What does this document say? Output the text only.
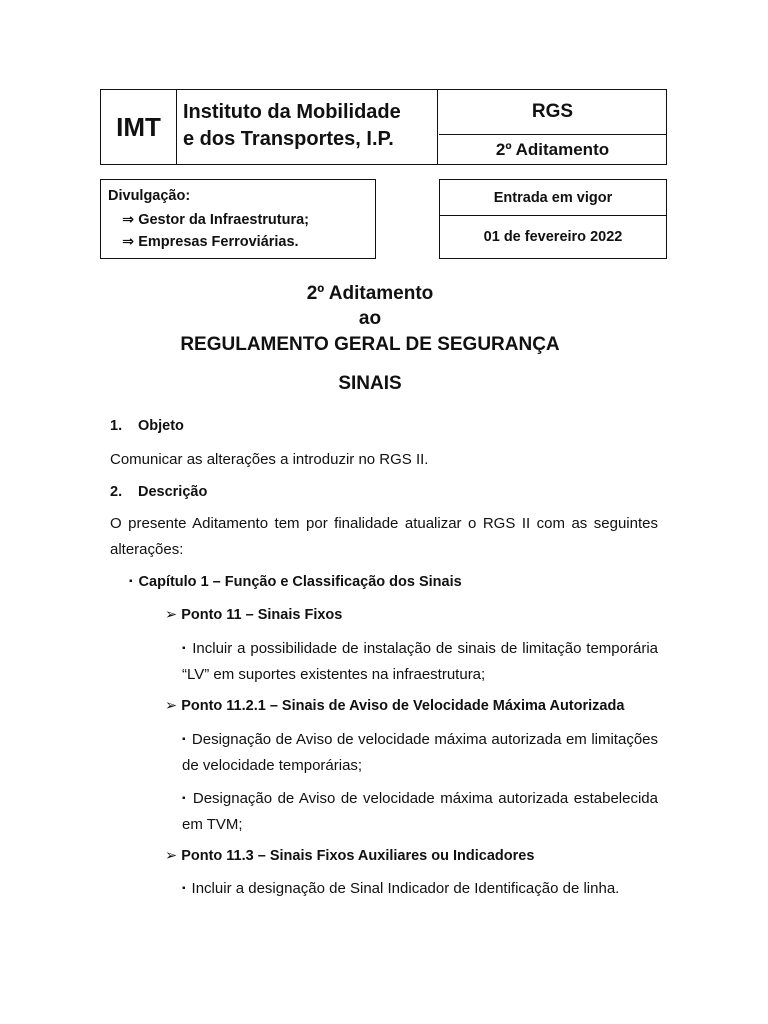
IMT	Instituto da Mobilidade
e dos Transportes, I.P.
RGS
2º Aditamento
Divulgação:
⇒ Gestor da Infraestrutura;
⇒ Empresas Ferroviárias.
Entrada em vigor
01 de fevereiro 2022
2º Aditamento
ao
REGULAMENTO GERAL DE SEGURANÇA
SINAIS
1. Objeto
Comunicar as alterações a introduzir no RGS II.
2. Descrição
O presente Aditamento tem por finalidade atualizar o RGS II com as seguintes alterações:
▪ Capítulo 1 – Função e Classificação dos Sinais
➢ Ponto 11 – Sinais Fixos
▪ Incluir a possibilidade de instalação de sinais de limitação temporária “LV” em suportes existentes na infraestrutura;
➢ Ponto 11.2.1 – Sinais de Aviso de Velocidade Máxima Autorizada
▪ Designação de Aviso de velocidade máxima autorizada em limitações de velocidade temporárias;
▪ Designação de Aviso de velocidade máxima autorizada estabelecida em TVM;
➢ Ponto 11.3 – Sinais Fixos Auxiliares ou Indicadores
▪ Incluir a designação de Sinal Indicador de Identificação de linha.
